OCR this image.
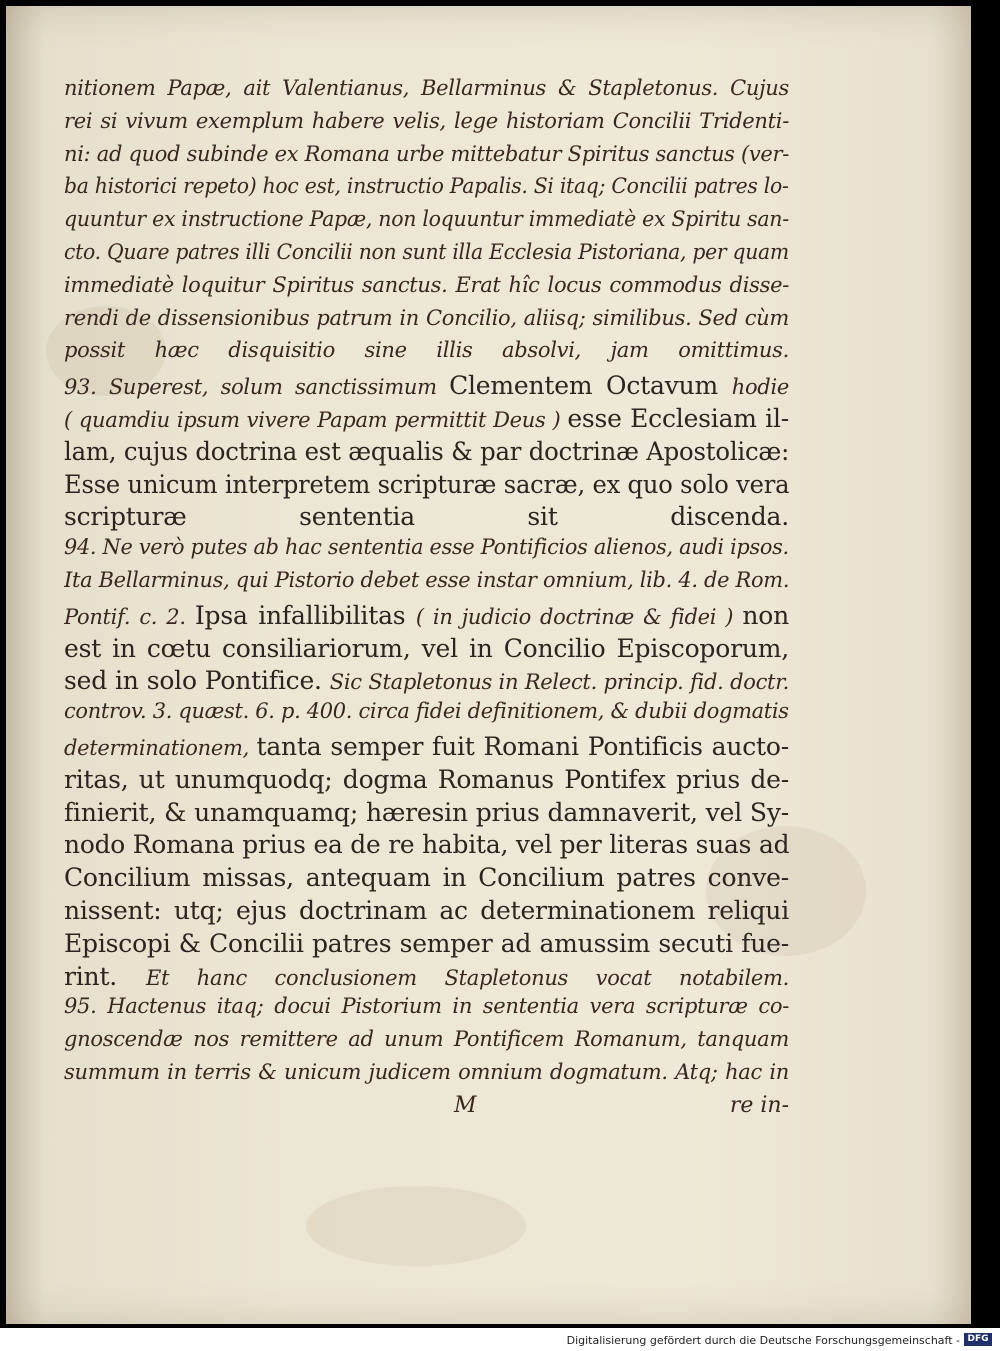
nitionem Papæ, ait Valentianus, Bellarminus & Stapletonus. Cujus
rei si vivum exemplum habere velis, lege historiam Concilii Tridenti-
ni: ad quod subinde ex Romana urbe mittebatur Spiritus sanctus (ver-
ba historici repeto) hoc est, instructio Papalis. Si itaq; Concilii patres lo-
quuntur ex instructione Papæ, non loquuntur immediatè ex Spiritu san-
cto. Quare patres illi Concilii non sunt illa Ecclesia Pistoriana, per quam
immediatè loquitur Spiritus sanctus. Erat hîc locus commodus disse-
rendi de dissensionibus patrum in Concilio, aliisq; similibus. Sed cùm
possit hæc disquisitio sine illis absolvi, jam omittimus.
93. Superest, solum sanctissimum Clementem Octavum hodie
( quamdiu ipsum vivere Papam permittit Deus ) esse Ecclesiam il-
lam, cujus doctrina est æqualis & par doctrinæ Apostolicæ:
Esse unicum interpretem scripturæ sacræ, ex quo solo vera
scripturæ sententia sit discenda.
94. Ne verò putes ab hac sententia esse Pontificios alienos, audi ipsos.
Ita Bellarminus, qui Pistorio debet esse instar omnium, lib. 4. de Rom.
Pontif. c. 2. Ipsa infallibilitas ( in judicio doctrinæ & fidei ) non
est in cœtu consiliariorum, vel in Concilio Episcoporum,
sed in solo Pontifice. Sic Stapletonus in Relect. princip. fid. doctr.
controv. 3. quæst. 6. p. 400. circa fidei definitionem, & dubii dogmatis
determinationem, tanta semper fuit Romani Pontificis aucto-
ritas, ut unumquodq; dogma Romanus Pontifex prius de-
finierit, & unamquamq; hæresin prius damnaverit, vel Sy-
nodo Romana prius ea de re habita, vel per literas suas ad
Concilium missas, antequam in Concilium patres conve-
nissent: utq; ejus doctrinam ac determinationem reliqui
Episcopi & Concilii patres semper ad amussim secuti fue-
rint. Et hanc conclusionem Stapletonus vocat notabilem.
95. Hactenus itaq; docui Pistorium in sententia vera scripturæ co-
gnoscendæ nos remittere ad unum Pontificem Romanum, tanquam
summum in terris & unicum judicem omnium dogmatum. Atq; hac in
M	re in-
Digitalisierung gefördert durch die Deutsche Forschungsgemeinschaft - DFG
